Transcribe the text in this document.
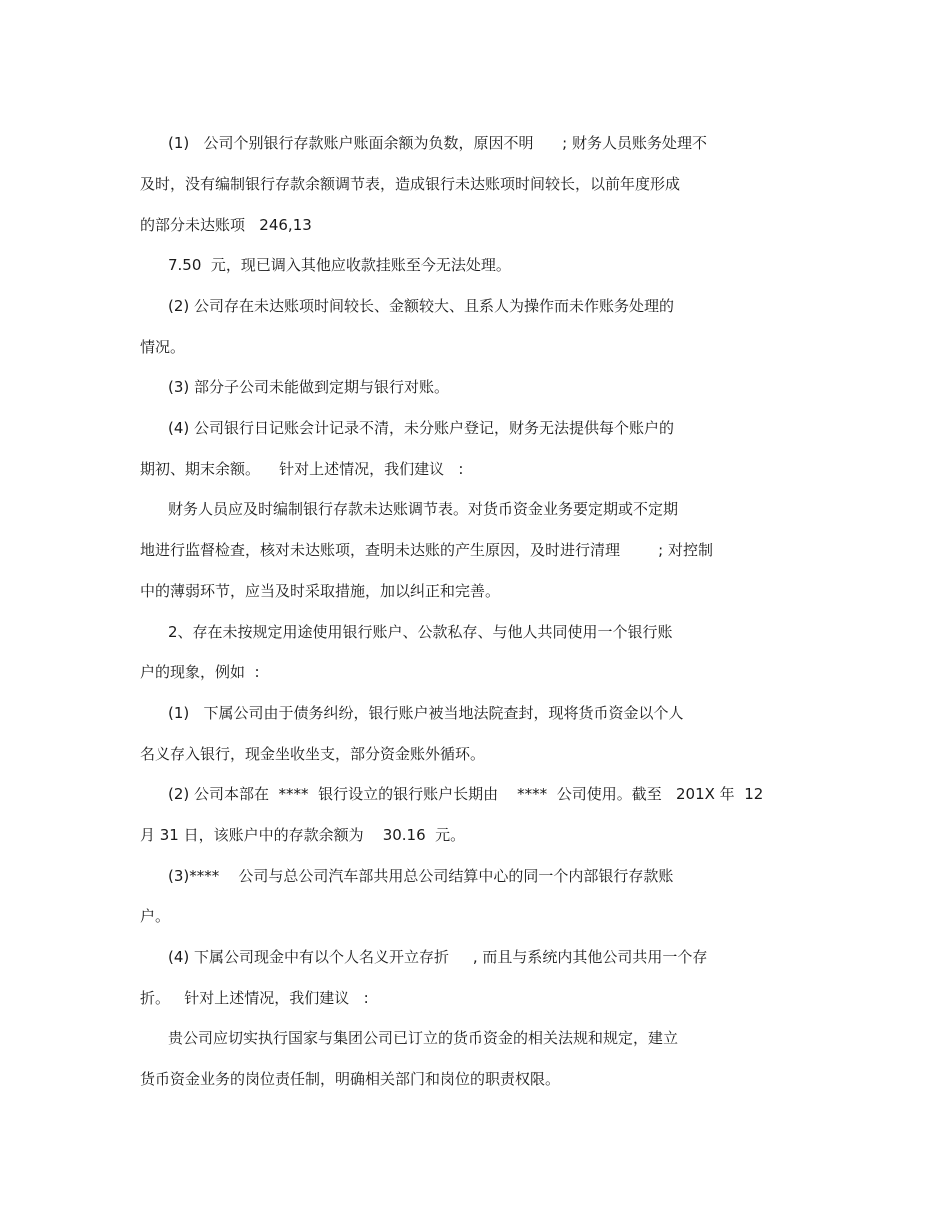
(1)   公司个别银行存款账户账面余额为负数，原因不明      ; 财务人员账务处理不
及时，没有编制银行存款余额调节表，造成银行未达账项时间较长，以前年度形成
的部分未达账项   246,13
7.50  元，现已调入其他应收款挂账至今无法处理。
(2) 公司存在未达账项时间较长、金额较大、且系人为操作而未作账务处理的
情况。
(3) 部分子公司未能做到定期与银行对账。
(4) 公司银行日记账会计记录不清，未分账户登记，财务无法提供每个账户的
期初、期末余额。    针对上述情况，我们建议   :
财务人员应及时编制银行存款未达账调节表。对货币资金业务要定期或不定期
地进行监督检查，核对未达账项，查明未达账的产生原因，及时进行清理        ; 对控制
中的薄弱环节，应当及时采取措施，加以纠正和完善。
2、存在未按规定用途使用银行账户、公款私存、与他人共同使用一个银行账
户的现象，例如  :
(1)   下属公司由于债务纠纷，银行账户被当地法院查封，现将货币资金以个人
名义存入银行，现金坐收坐支，部分资金账外循环。
(2) 公司本部在  ****  银行设立的银行账户长期由    ****  公司使用。截至   201X 年  12
月 31 日，该账户中的存款余额为    30.16  元。
(3)****    公司与总公司汽车部共用总公司结算中心的同一个内部银行存款账
户。
(4) 下属公司现金中有以个人名义开立存折     , 而且与系统内其他公司共用一个存
折。   针对上述情况，我们建议   :
贵公司应切实执行国家与集团公司已订立的货币资金的相关法规和规定，建立
货币资金业务的岗位责任制，明确相关部门和岗位的职责权限。
